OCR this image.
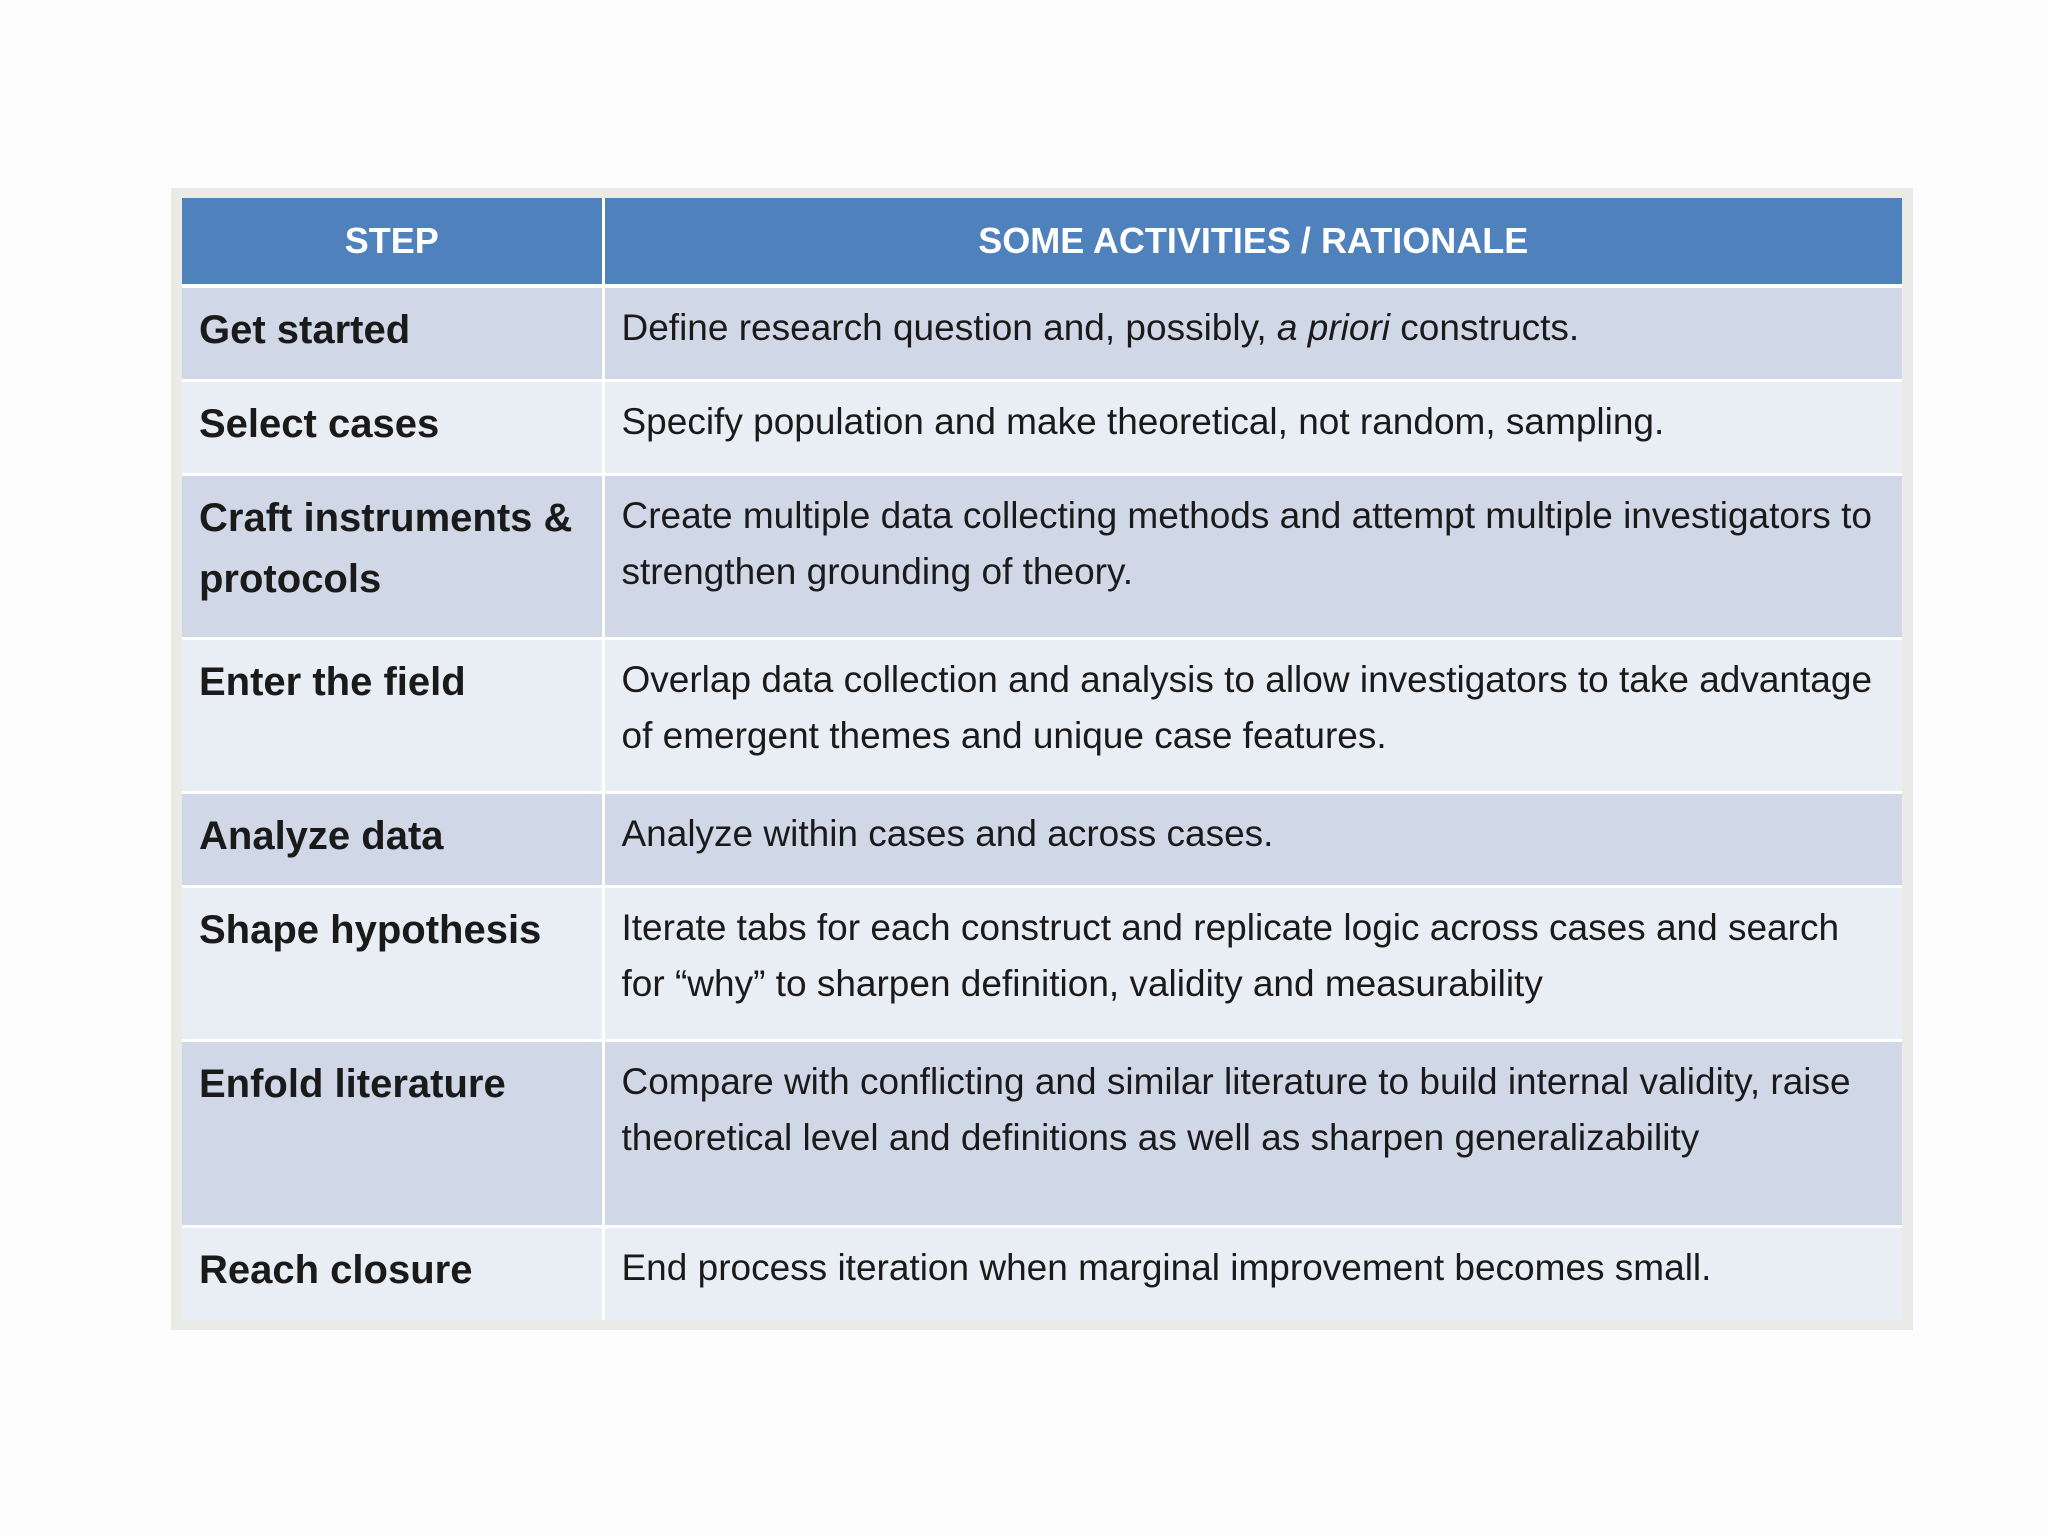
STEP	SOME ACTIVITIES / RATIONALE
Get started	Define research question and, possibly, a priori constructs.
Select cases	Specify population and make theoretical, not random, sampling.
Craft instruments & protocols	Create multiple data collecting methods and attempt multiple investigators to strengthen grounding of theory.
Enter the field	Overlap data collection and analysis to allow investigators to take advantage of emergent themes and unique case features.
Analyze data	Analyze within cases and across cases.
Shape hypothesis	Iterate tabs for each construct and replicate logic across cases and search for “why” to sharpen definition, validity and measurability
Enfold literature	Compare with conflicting and similar literature to build internal validity, raise theoretical level and definitions as well as sharpen generalizability
Reach closure	End process iteration when marginal improvement becomes small.
